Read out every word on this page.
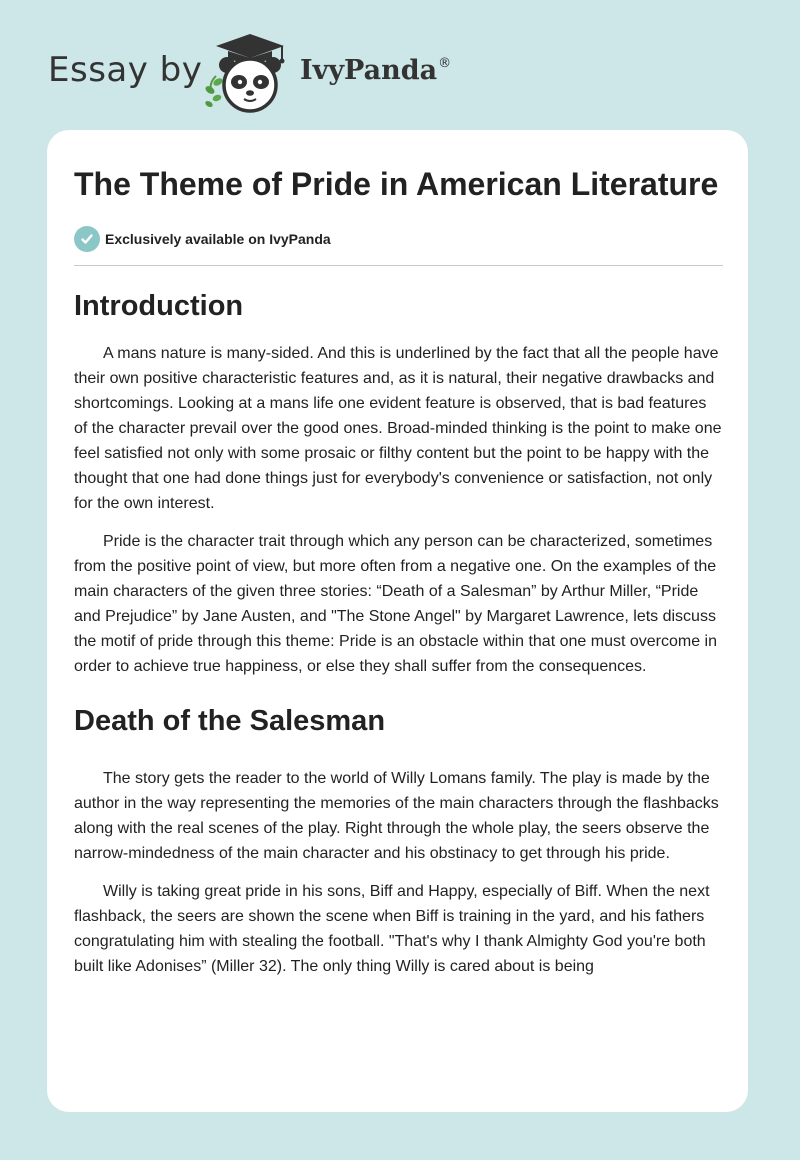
Essay by	IvyPanda®
The Theme of Pride in American Literature
Exclusively available on IvyPanda
Introduction

A mans nature is many-sided. And this is underlined by the fact that all the people have their own positive characteristic features and, as it is natural, their negative drawbacks and shortcomings. Looking at a mans life one evident feature is observed, that is bad features of the character prevail over the good ones. Broad-minded thinking is the point to make one feel satisfied not only with some prosaic or filthy content but the point to be happy with the thought that one had done things just for everybody's convenience or satisfaction, not only for the own interest.

Pride is the character trait through which any person can be characterized, sometimes from the positive point of view, but more often from a negative one. On the examples of the main characters of the given three stories: “Death of a Salesman” by Arthur Miller, “Pride and Prejudice” by Jane Austen, and "The Stone Angel" by Margaret Lawrence, lets discuss the motif of pride through this theme: Pride is an obstacle within that one must overcome in order to achieve true happiness, or else they shall suffer from the consequences.

Death of the Salesman

The story gets the reader to the world of Willy Lomans family. The play is made by the author in the way representing the memories of the main characters through the flashbacks along with the real scenes of the play. Right through the whole play, the seers observe the narrow-mindedness of the main character and his obstinacy to get through his pride.

Willy is taking great pride in his sons, Biff and Happy, especially of Biff. When the next flashback, the seers are shown the scene when Biff is training in the yard, and his fathers congratulating him with stealing the football. "That's why I thank Almighty God you're both built like Adonises” (Miller 32). The only thing Willy is cared about is being
